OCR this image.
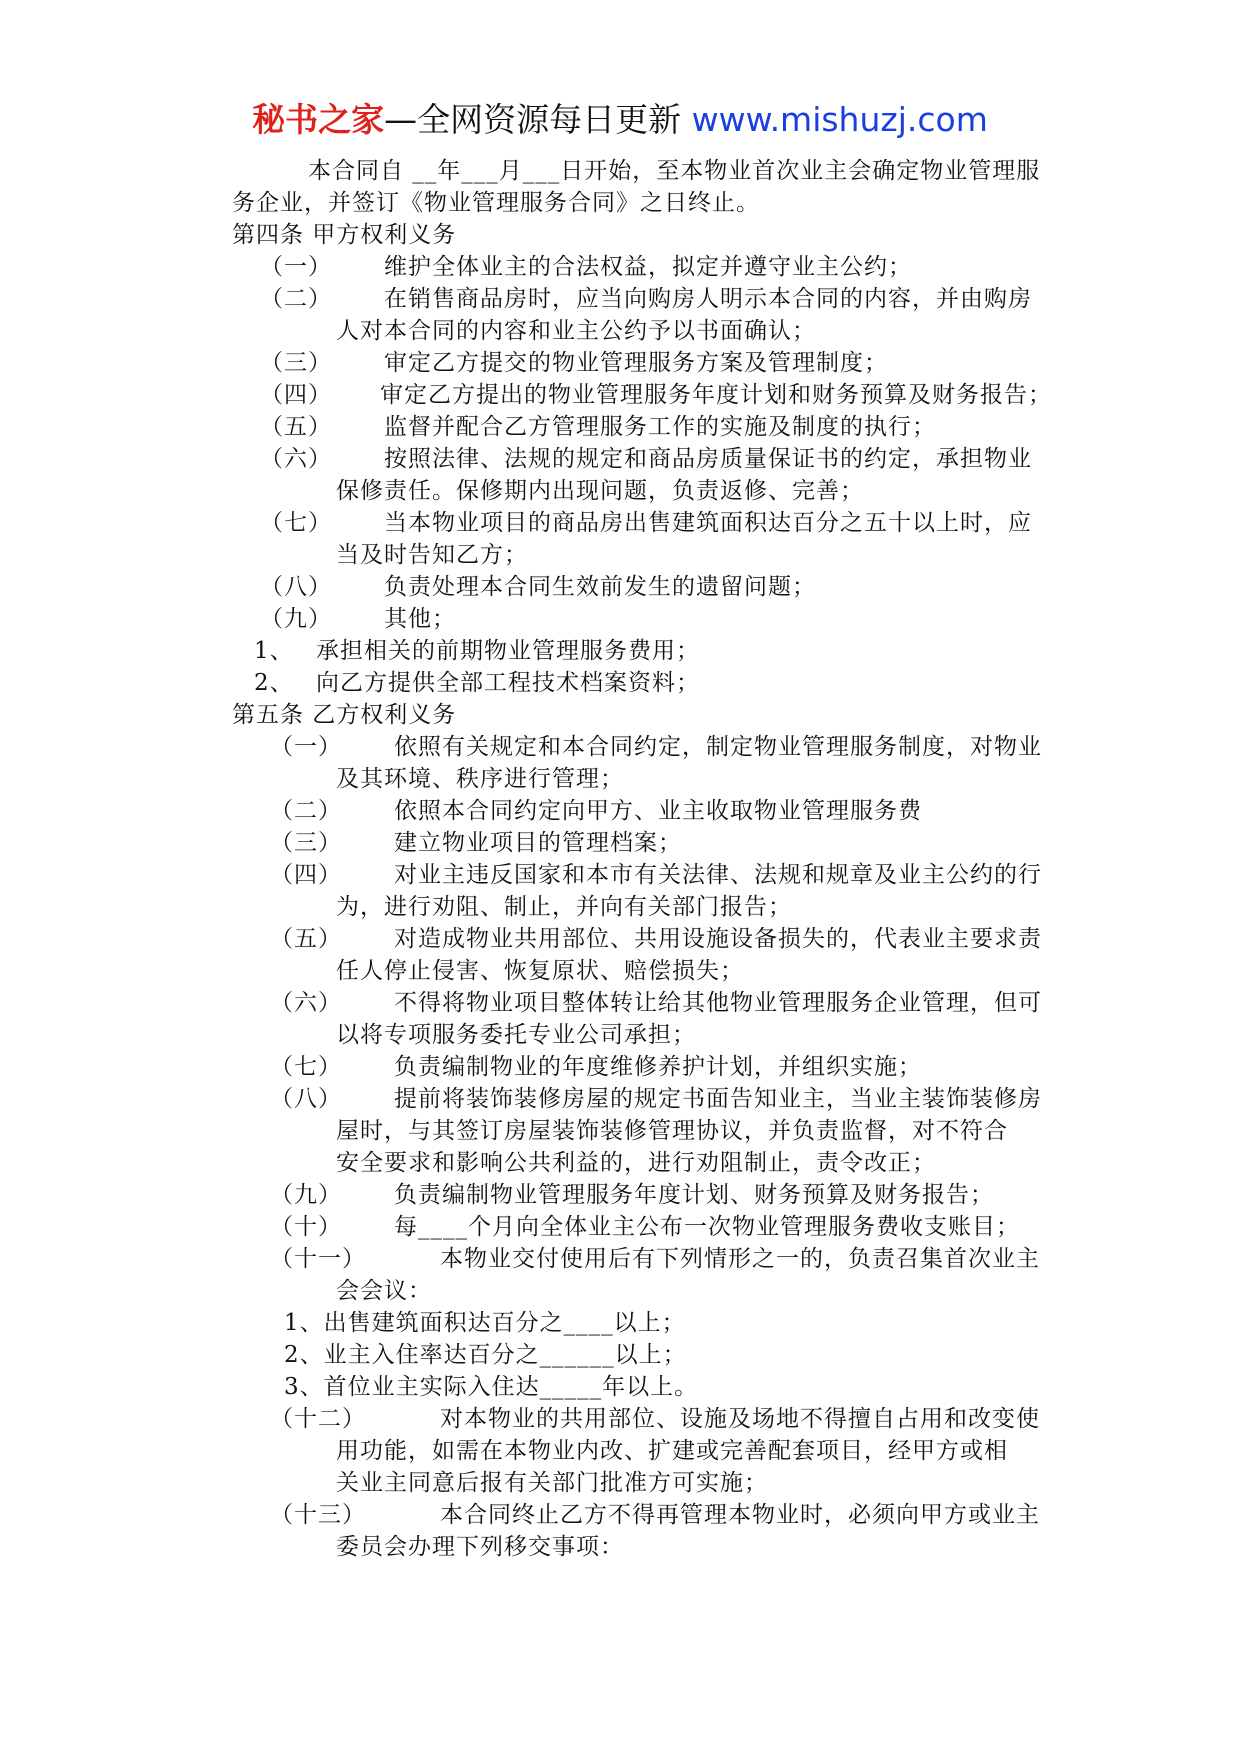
秘书之家—全网资源每日更新 www.mishuzj.com
本合同自 __年___月___日开始，至本物业首次业主会确定物业管理服
务企业，并签订《物业管理服务合同》之日终止。
第四条 甲方权利义务
（一）	维护全体业主的合法权益，拟定并遵守业主公约；
（二）	在销售商品房时，应当向购房人明示本合同的内容，并由购房
人对本合同的内容和业主公约予以书面确认；
（三）	审定乙方提交的物业管理服务方案及管理制度；
（四）	审定乙方提出的物业管理服务年度计划和财务预算及财务报告；
（五）	监督并配合乙方管理服务工作的实施及制度的执行；
（六）	按照法律、法规的规定和商品房质量保证书的约定，承担物业
保修责任。保修期内出现问题，负责返修、完善；
（七）	当本物业项目的商品房出售建筑面积达百分之五十以上时，应
当及时告知乙方；
（八）	负责处理本合同生效前发生的遗留问题；
（九）	其他；
1、 承担相关的前期物业管理服务费用；
2、 向乙方提供全部工程技术档案资料；
第五条 乙方权利义务
（一）	依照有关规定和本合同约定，制定物业管理服务制度，对物业
及其环境、秩序进行管理；
（二）	依照本合同约定向甲方、业主收取物业管理服务费
（三）	建立物业项目的管理档案；
（四）	对业主违反国家和本市有关法律、法规和规章及业主公约的行
为，进行劝阻、制止，并向有关部门报告；
（五）	对造成物业共用部位、共用设施设备损失的，代表业主要求责
任人停止侵害、恢复原状、赔偿损失；
（六）	不得将物业项目整体转让给其他物业管理服务企业管理，但可
以将专项服务委托专业公司承担；
（七）	负责编制物业的年度维修养护计划，并组织实施；
（八）	提前将装饰装修房屋的规定书面告知业主，当业主装饰装修房
屋时，与其签订房屋装饰装修管理协议，并负责监督，对不符合
安全要求和影响公共利益的，进行劝阻制止，责令改正；
（九）	负责编制物业管理服务年度计划、财务预算及财务报告；
（十）	每____个月向全体业主公布一次物业管理服务费收支账目；
（十一）	本物业交付使用后有下列情形之一的，负责召集首次业主
会会议：
1、出售建筑面积达百分之____以上；
2、业主入住率达百分之______以上；
3、首位业主实际入住达_____年以上。
（十二）	对本物业的共用部位、设施及场地不得擅自占用和改变使
用功能，如需在本物业内改、扩建或完善配套项目，经甲方或相
关业主同意后报有关部门批准方可实施；
（十三）	本合同终止乙方不得再管理本物业时，必须向甲方或业主
委员会办理下列移交事项：
